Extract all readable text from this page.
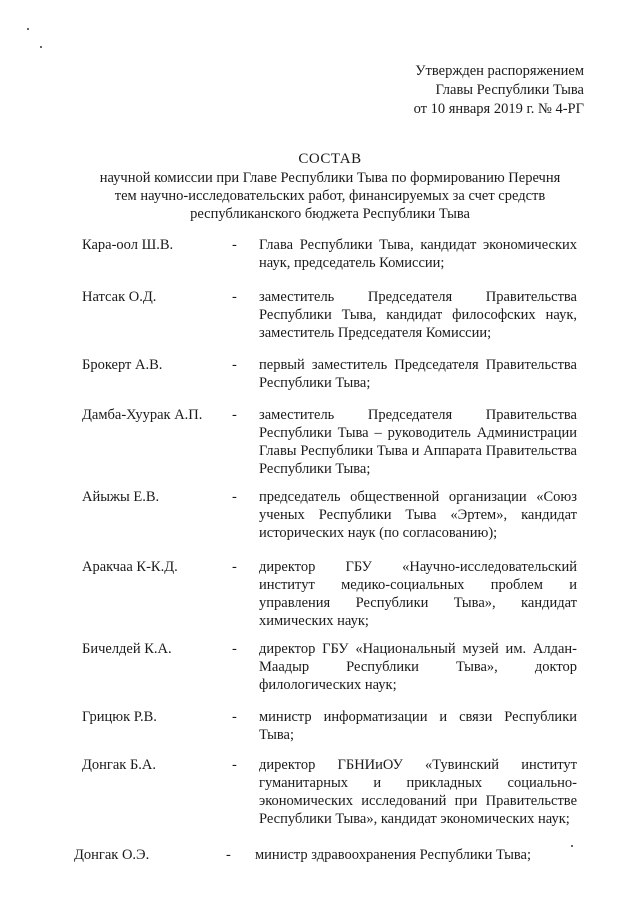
Утвержден распоряжением
Главы Республики Тыва
от 10 января 2019 г. № 4-РГ
СОСТАВ
научной комиссии при Главе Республики Тыва по формированию Перечня
тем научно-исследовательских работ, финансируемых за счет средств
республиканского бюджета Республики Тыва
Кара-оол Ш.В.	- Глава Республики Тыва, кандидат экономических наук, председатель Комиссии;
Натсак О.Д.	- заместитель Председателя Правительства Республики Тыва, кандидат философских наук, заместитель Председателя Комиссии;
Брокерт А.В.	- первый заместитель Председателя Правительства Республики Тыва;
Дамба-Хуурак А.П. - заместитель Председателя Правительства Республики Тыва – руководитель Администрации Главы Республики Тыва и Аппарата Правительства Республики Тыва;
Айыжы Е.В.	- председатель общественной организации «Союз ученых Республики Тыва «Эртем», кандидат исторических наук (по согласованию);
Аракчаа К-К.Д.	- директор ГБУ «Научно-исследовательский институт медико-социальных проблем и управления Республики Тыва», кандидат химических наук;
Бичелдей К.А.	- директор ГБУ «Национальный музей им. Алдан-Маадыр Республики Тыва», доктор филологических наук;
Грицюк Р.В.	- министр информатизации и связи Республики Тыва;
Донгак Б.А.	- директор ГБНИиОУ «Тувинский институт гуманитарных и прикладных социально-экономических исследований при Правительстве Республики Тыва», кандидат экономических наук;
Донгак О.Э.	- министр здравоохранения Республики Тыва;
